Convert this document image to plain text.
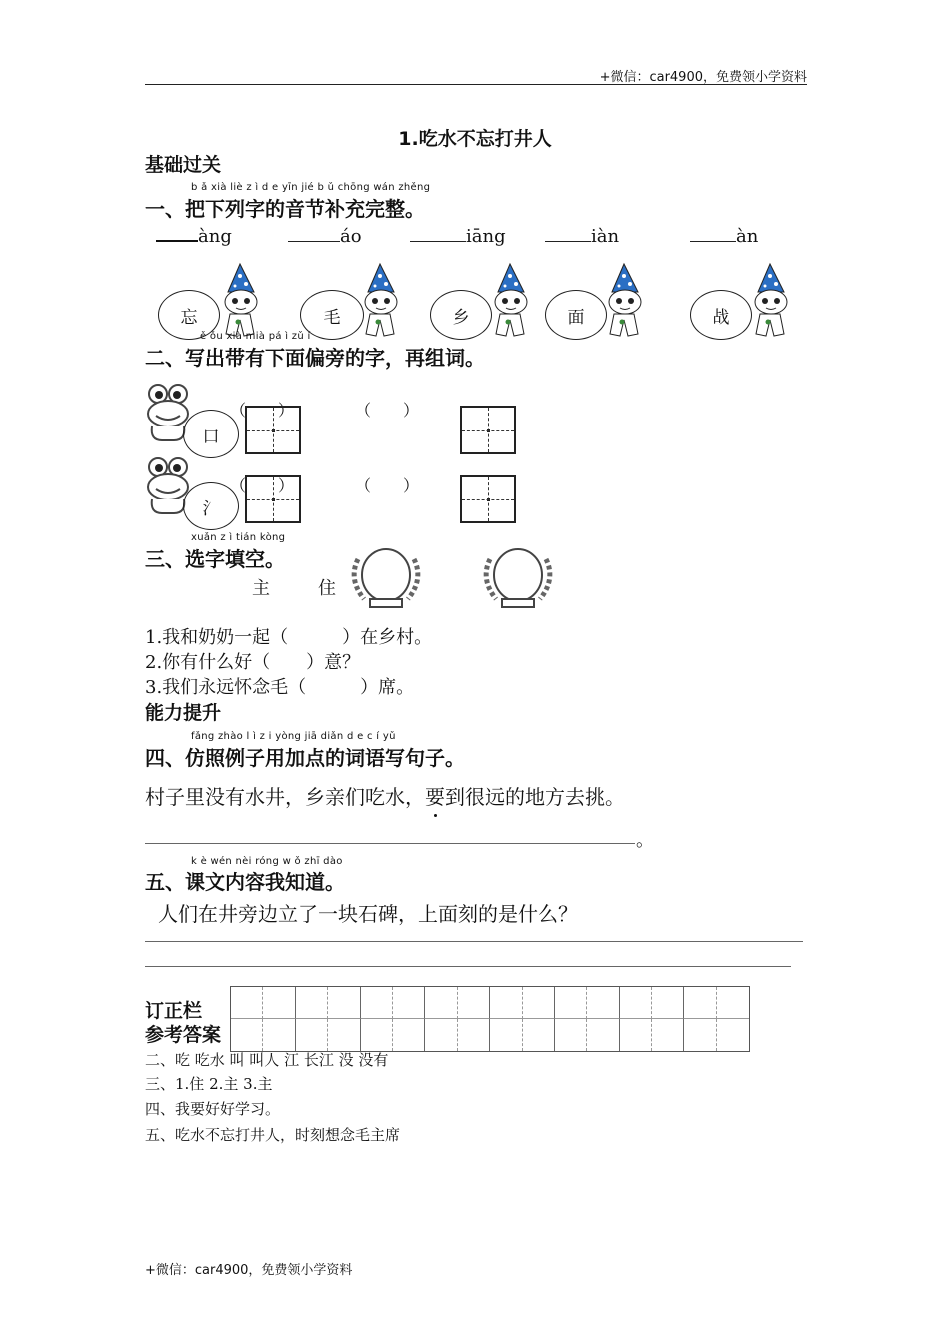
+微信：car4900，免费领小学资料
1.吃水不忘打井人
基础过关
b ǎ xià liè z ì d e yīn jié b ǔ chōng wán zhěng
一、把下列字的音节补充完整。
àng	áo	iāng	iàn	àn
忘	毛	乡	面	战
ě ǒu xià mià pá ì zǔ í
二、写出带有下面偏旁的字，再组词。
口
氵
（　　）	（　　）
（　　）	（　　）
xuǎn z ì tián kòng
三、选字填空。
主	住
1.我和奶奶一起（　　　）在乡村。
2.你有什么好（　　）意？
3.我们永远怀念毛（　　　）席。
能力提升
fǎng zhào l ì z i yòng jiā diǎn d e c í yǔ
四、仿照例子用加点的词语写句子。
村子里没有水井，乡亲们吃水，要
到很远的地方去挑。
。
k è wén nèi róng w ǒ zhī dào
五、课文内容我知道。
人们在井旁边立了一块石碑，上面刻的是什么？
订正栏
参考答案
二、吃 吃水 叫 叫人 江 长江 没 没有
三、1.住 2.主 3.主
四、我要好好学习。
五、吃水不忘打井人，时刻想念毛主席
+微信：car4900，免费领小学资料
